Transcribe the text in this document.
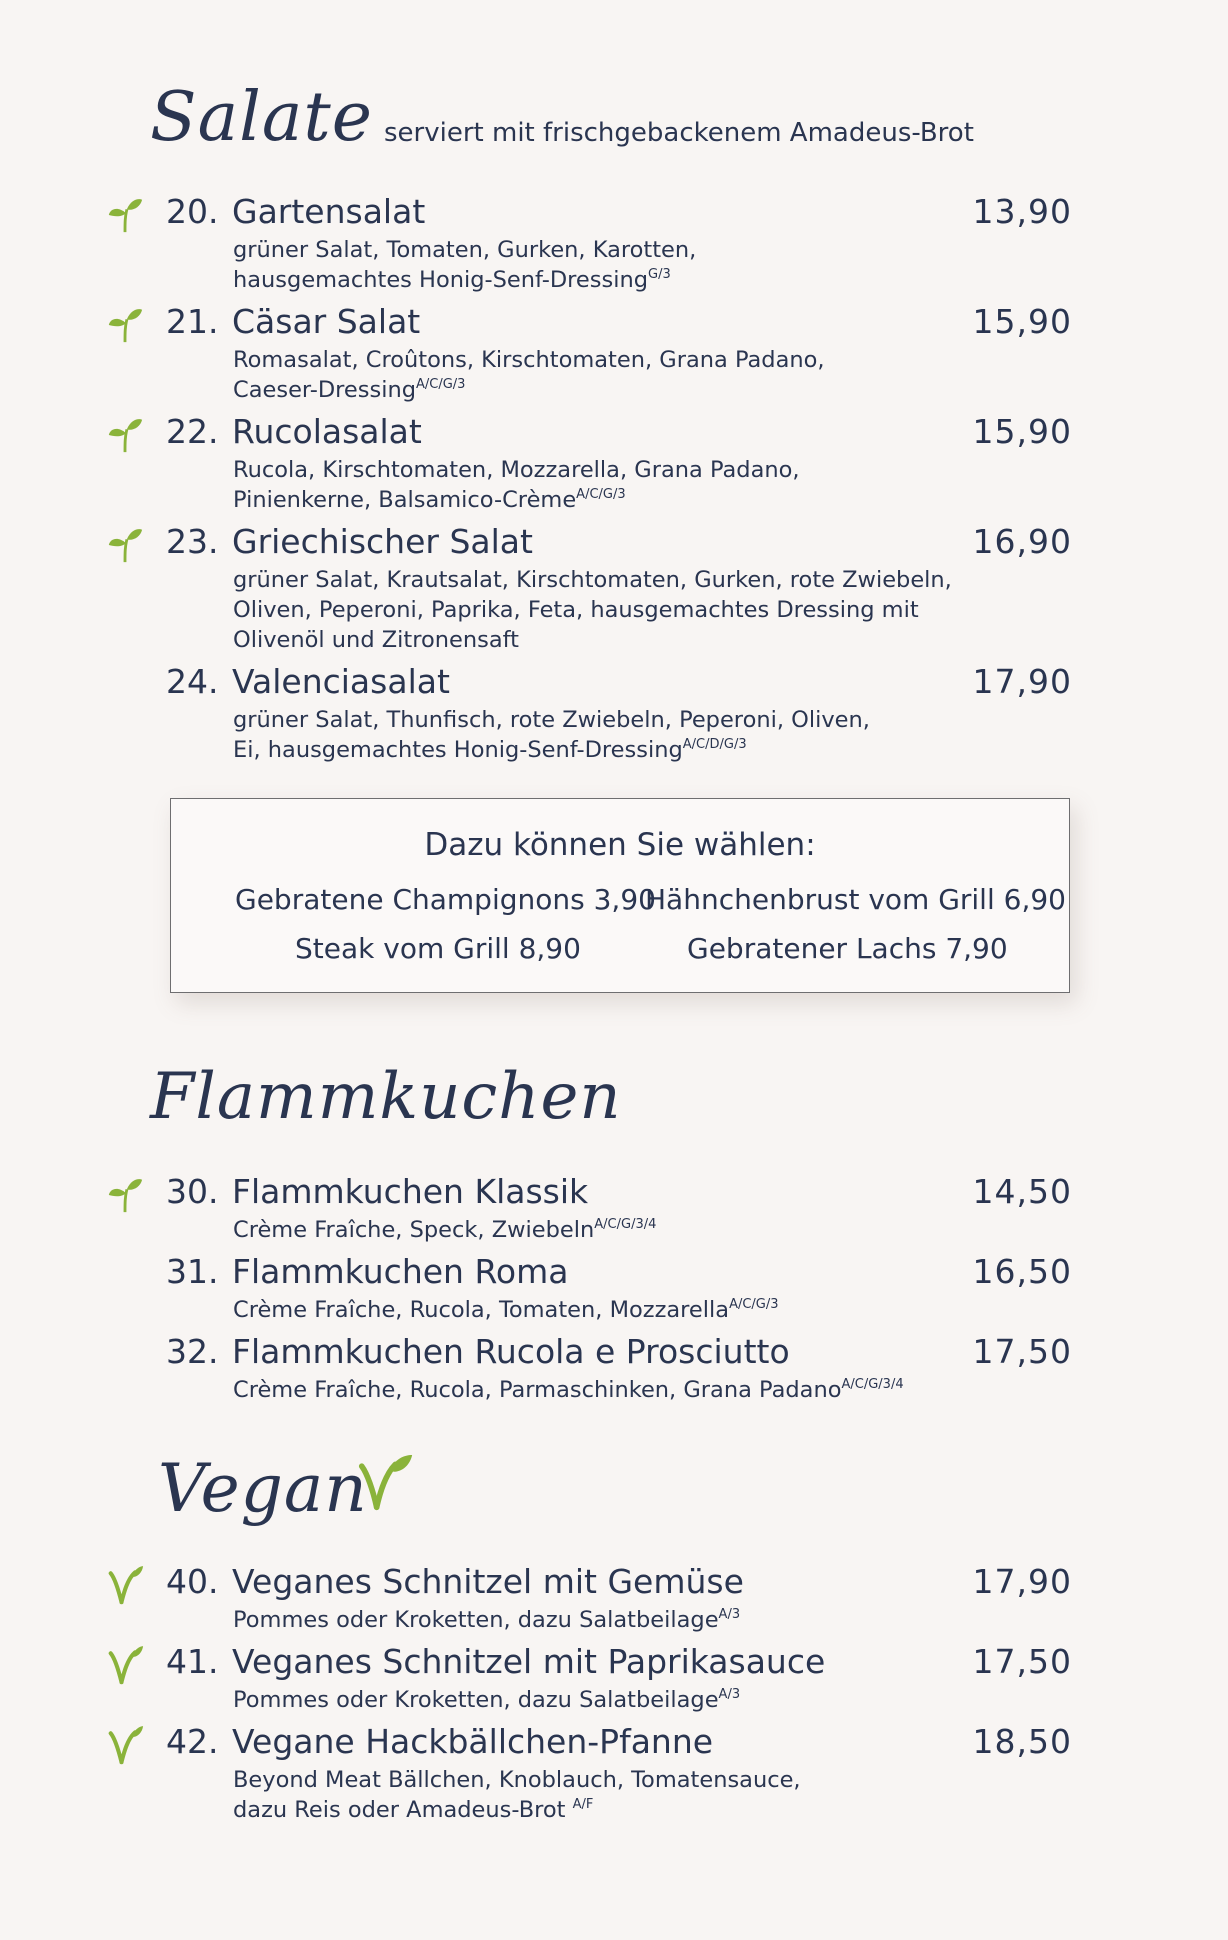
Salate serviert mit frischgebackenem Amadeus-Brot
20. Gartensalat	13,90
grüner Salat, Tomaten, Gurken, Karotten,
hausgemachtes Honig-Senf-Dressing$^{G/3}$
21. Cäsar Salat	15,90
Romasalat, Croûtons, Kirschtomaten, Grana Padano,
Caeser-Dressing$^{A/C/G/3}$
22. Rucolasalat	15,90
Rucola, Kirschtomaten, Mozzarella, Grana Padano,
Pinienkerne, Balsamico-Crème$^{A/C/G/3}$
23. Griechischer Salat	16,90
grüner Salat, Krautsalat, Kirschtomaten, Gurken, rote Zwiebeln,
Oliven, Peperoni, Paprika, Feta, hausgemachtes Dressing mit
Olivenöl und Zitronensaft
24. Valenciasalat	17,90
grüner Salat, Thunfisch, rote Zwiebeln, Peperoni, Oliven,
Ei, hausgemachtes Honig-Senf-Dressing$^{A/C/D/G/3}$
Dazu können Sie wählen:
Gebratene Champignons 3,90
Hähnchenbrust vom Grill 6,90
Steak vom Grill 8,90	Gebratener Lachs 7,90
Flammkuchen
30. Flammkuchen Klassik	14,50
Crème Fraîche, Speck, Zwiebeln$^{A/C/G/3/4}$
31. Flammkuchen Roma	16,50
Crème Fraîche, Rucola, Tomaten, Mozzarella$^{A/C/G/3}$
32. Flammkuchen Rucola e Prosciutto	17,50
Crème Fraîche, Rucola, Parmaschinken, Grana Padano$^{A/C/G/3/4}$
Vegan
40. Veganes Schnitzel mit Gemüse	17,90
Pommes oder Kroketten, dazu Salatbeilage$^{A/3}$
41. Veganes Schnitzel mit Paprikasauce	17,50
Pommes oder Kroketten, dazu Salatbeilage$^{A/3}$
42. Vegane Hackbällchen-Pfanne	18,50
Beyond Meat Bällchen, Knoblauch, Tomatensauce,
dazu Reis oder Amadeus-Brot $^{A/F}$
